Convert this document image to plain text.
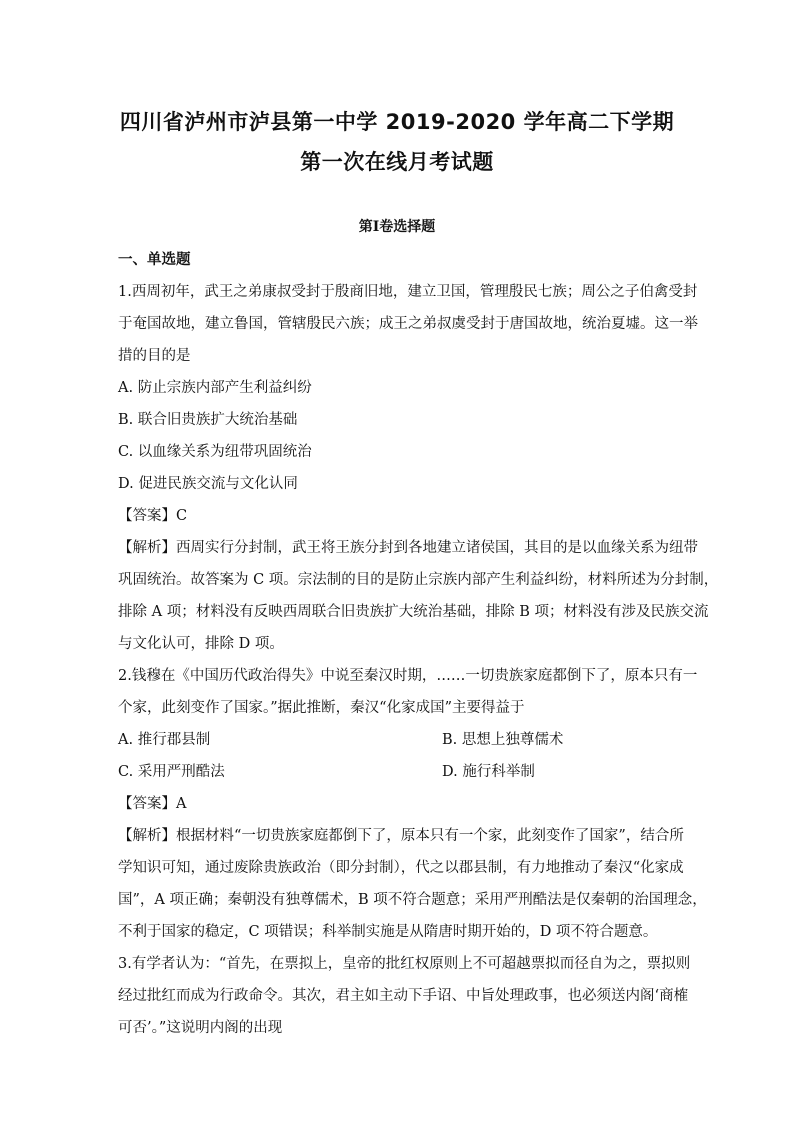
四川省泸州市泸县第一中学 2019-2020 学年高二下学期
第一次在线月考试题
第Ⅰ卷选择题
一、单选题
1.西周初年，武王之弟康叔受封于殷商旧地，建立卫国，管理殷民七族；周公之子伯禽受封
于奄国故地，建立鲁国，管辖殷民六族；成王之弟叔虞受封于唐国故地，统治夏墟。这一举
措的目的是
A. 防止宗族内部产生利益纠纷
B. 联合旧贵族扩大统治基础
C. 以血缘关系为纽带巩固统治
D. 促进民族交流与文化认同
【答案】C
【解析】西周实行分封制，武王将王族分封到各地建立诸侯国，其目的是以血缘关系为纽带
巩固统治。故答案为 C 项。宗法制的目的是防止宗族内部产生利益纠纷，材料所述为分封制，
排除 A 项；材料没有反映西周联合旧贵族扩大统治基础，排除 B 项；材料没有涉及民族交流
与文化认可，排除 D 项。
2.钱穆在《中国历代政治得失》中说至秦汉时期，……一切贵族家庭都倒下了，原本只有一
个家，此刻变作了国家。”据此推断，秦汉“化家成国”主要得益于
A. 推行郡县制	B. 思想上独尊儒术
C. 采用严刑酷法	D. 施行科举制
【答案】A
【解析】根据材料“一切贵族家庭都倒下了，原本只有一个家，此刻变作了国家”，结合所
学知识可知，通过废除贵族政治（即分封制），代之以郡县制，有力地推动了秦汉“化家成
国”，A 项正确；秦朝没有独尊儒术，B 项不符合题意；采用严刑酷法是仅秦朝的治国理念，
不利于国家的稳定，C 项错误；科举制实施是从隋唐时期开始的，D 项不符合题意。
3.有学者认为：“首先，在票拟上，皇帝的批红权原则上不可超越票拟而径自为之，票拟则
经过批红而成为行政命令。其次，君主如主动下手诏、中旨处理政事，也必须送内阁‘商榷
可否’。”这说明内阁的出现
